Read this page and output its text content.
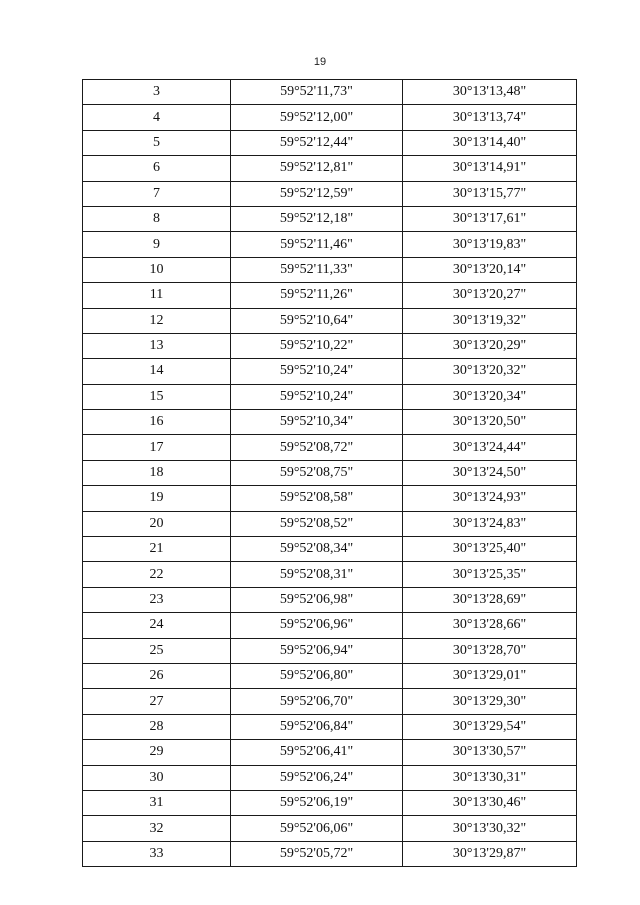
19
3	59°52'11,73"	30°13'13,48"
4	59°52'12,00"	30°13'13,74"
5	59°52'12,44"	30°13'14,40"
6	59°52'12,81"	30°13'14,91"
7	59°52'12,59"	30°13'15,77"
8	59°52'12,18"	30°13'17,61"
9	59°52'11,46"	30°13'19,83"
10	59°52'11,33"	30°13'20,14"
11	59°52'11,26"	30°13'20,27"
12	59°52'10,64"	30°13'19,32"
13	59°52'10,22"	30°13'20,29"
14	59°52'10,24"	30°13'20,32"
15	59°52'10,24"	30°13'20,34"
16	59°52'10,34"	30°13'20,50"
17	59°52'08,72"	30°13'24,44"
18	59°52'08,75"	30°13'24,50"
19	59°52'08,58"	30°13'24,93"
20	59°52'08,52"	30°13'24,83"
21	59°52'08,34"	30°13'25,40"
22	59°52'08,31"	30°13'25,35"
23	59°52'06,98"	30°13'28,69"
24	59°52'06,96"	30°13'28,66"
25	59°52'06,94"	30°13'28,70"
26	59°52'06,80"	30°13'29,01"
27	59°52'06,70"	30°13'29,30"
28	59°52'06,84"	30°13'29,54"
29	59°52'06,41"	30°13'30,57"
30	59°52'06,24"	30°13'30,31"
31	59°52'06,19"	30°13'30,46"
32	59°52'06,06"	30°13'30,32"
33	59°52'05,72"	30°13'29,87"
